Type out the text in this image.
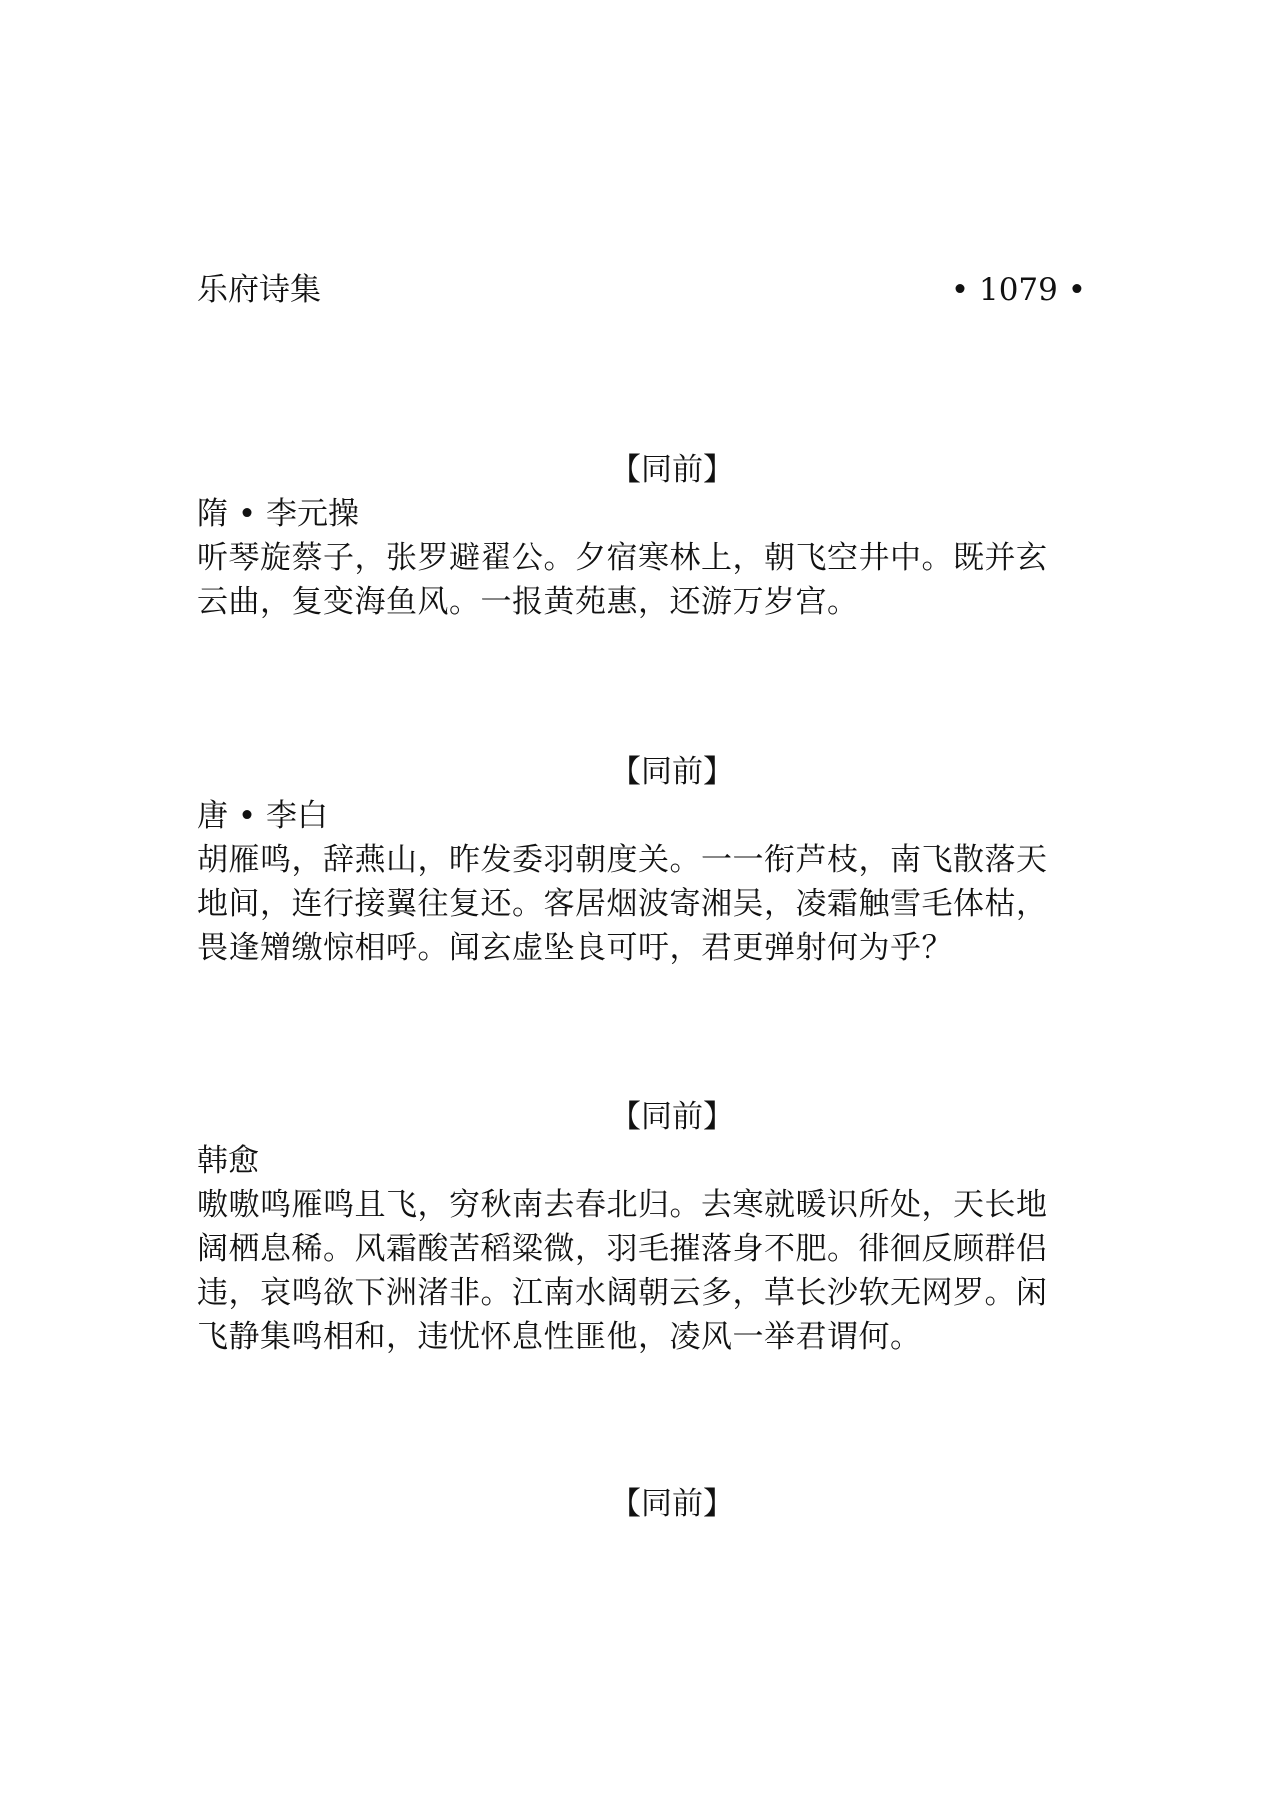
乐府诗集	• 1079 •
【同前】
隋 • 李元操
听琴旋蔡子，张罗避翟公。夕宿寒林上，朝飞空井中。既并玄
云曲，复变海鱼风。一报黄苑惠，还游万岁宫。
【同前】
唐 • 李白
胡雁鸣，辞燕山，昨发委羽朝度关。一一衔芦枝，南飞散落天
地间，连行接翼往复还。客居烟波寄湘吴，凌霜触雪毛体枯，
畏逢矰缴惊相呼。闻玄虚坠良可吁，君更弹射何为乎？
【同前】
韩愈
嗷嗷鸣雁鸣且飞，穷秋南去春北归。去寒就暖识所处，天长地
阔栖息稀。风霜酸苦稻粱微，羽毛摧落身不肥。徘徊反顾群侣
违，哀鸣欲下洲渚非。江南水阔朝云多，草长沙软无网罗。闲
飞静集鸣相和，违忧怀息性匪他，凌风一举君谓何。
【同前】
